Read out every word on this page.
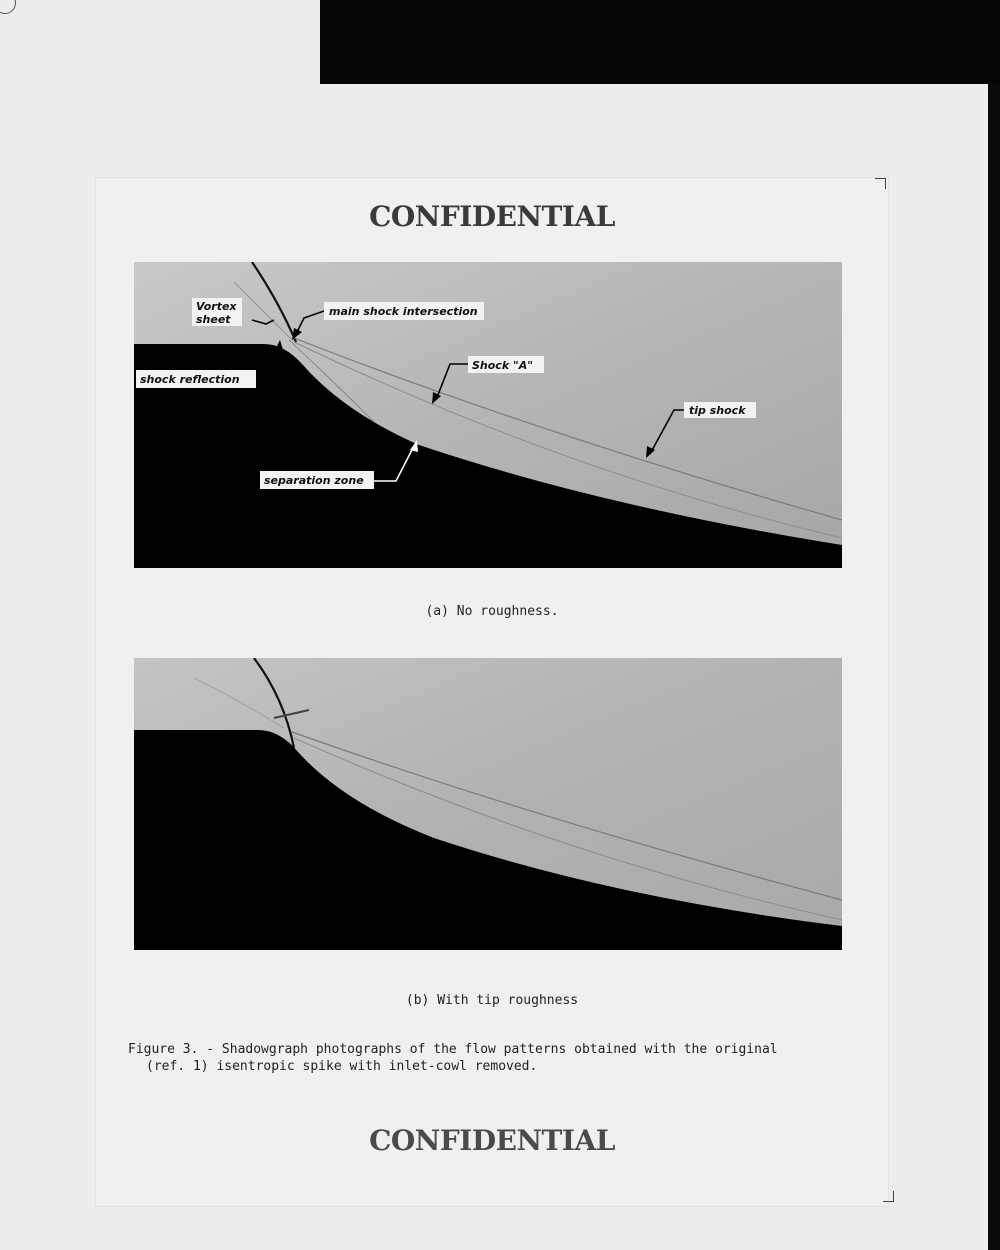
CONFIDENTIAL
Vortex
sheet
main shock intersection
shock reflection
Shock "A"
tip shock
separation zone
(a) No roughness.
(b) With tip roughness
Figure 3. - Shadowgraph photographs of the flow patterns obtained with the original
(ref. 1) isentropic spike with inlet-cowl removed.
CONFIDENTIAL
